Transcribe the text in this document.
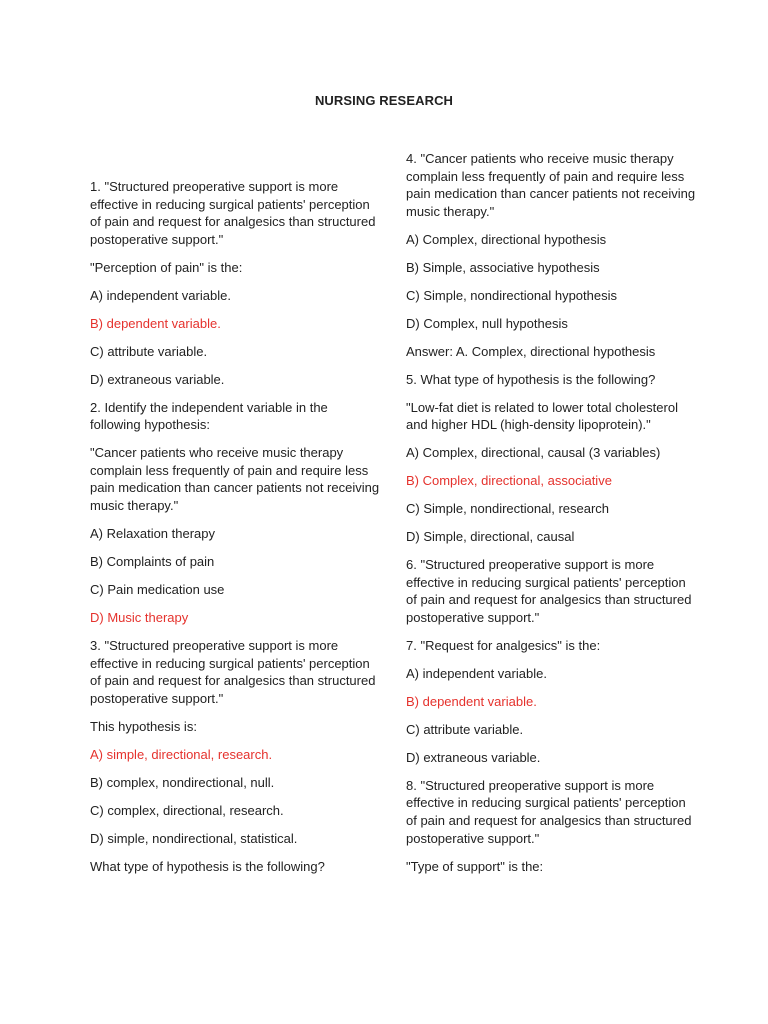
NURSING RESEARCH

1. "Structured preoperative support is more effective in reducing surgical patients' perception of pain and request for analgesics than structured postoperative support."

"Perception of pain" is the:

A) independent variable.

B) dependent variable.

C) attribute variable.

D) extraneous variable.

2. Identify the independent variable in the following hypothesis:

"Cancer patients who receive music therapy complain less frequently of pain and require less pain medication than cancer patients not receiving music therapy."

A) Relaxation therapy

B) Complaints of pain

C) Pain medication use

D) Music therapy

3. "Structured preoperative support is more effective in reducing surgical patients' perception of pain and request for analgesics than structured postoperative support."

This hypothesis is:

A) simple, directional, research.

B) complex, nondirectional, null.

C) complex, directional, research.

D) simple, nondirectional, statistical.

What type of hypothesis is the following?

4. "Cancer patients who receive music therapy complain less frequently of pain and require less pain medication than cancer patients not receiving music therapy."

A) Complex, directional hypothesis

B) Simple, associative hypothesis

C) Simple, nondirectional hypothesis

D) Complex, null hypothesis

Answer: A. Complex, directional hypothesis

5. What type of hypothesis is the following?

"Low-fat diet is related to lower total cholesterol and higher HDL (high-density lipoprotein)."

A) Complex, directional, causal (3 variables)

B) Complex, directional, associative

C) Simple, nondirectional, research

D) Simple, directional, causal

6. "Structured preoperative support is more effective in reducing surgical patients' perception of pain and request for analgesics than structured postoperative support."

7. "Request for analgesics" is the:

A) independent variable.

B) dependent variable.

C) attribute variable.

D) extraneous variable.

8. "Structured preoperative support is more effective in reducing surgical patients' perception of pain and request for analgesics than structured postoperative support."

"Type of support" is the:
